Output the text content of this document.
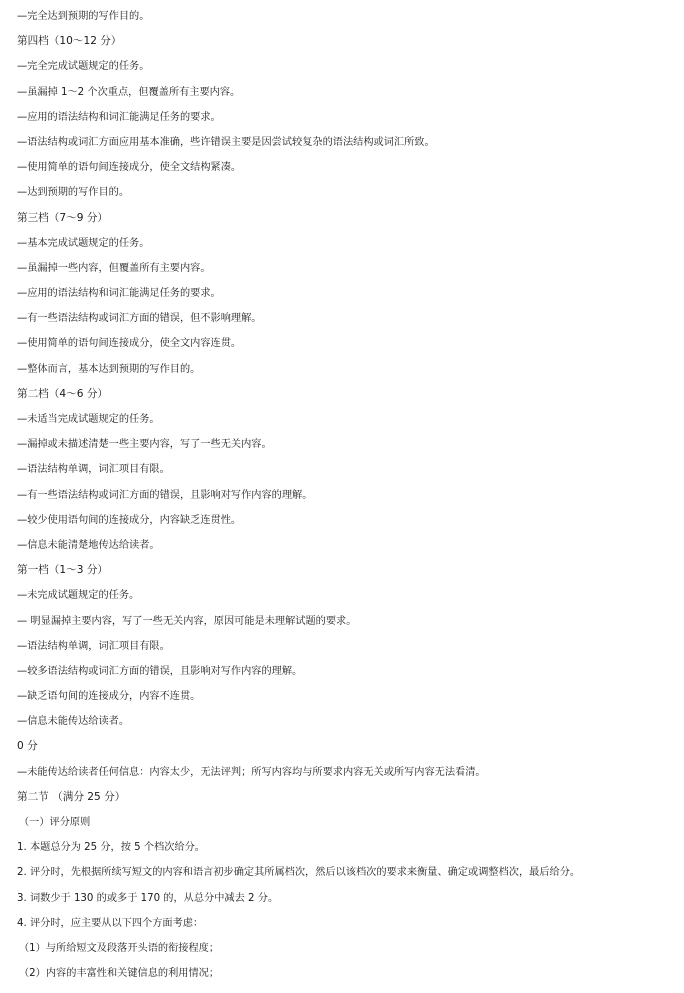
—完全达到预期的写作目的。
第四档（10～12 分）
—完全完成试题规定的任务。
—虽漏掉 1～2 个次重点，但覆盖所有主要内容。
—应用的语法结构和词汇能满足任务的要求。
—语法结构或词汇方面应用基本准确，些许错误主要是因尝试较复杂的语法结构或词汇所致。
—使用简单的语句间连接成分，使全文结构紧凑。
—达到预期的写作目的。
第三档（7～9 分）
—基本完成试题规定的任务。
—虽漏掉一些内容，但覆盖所有主要内容。
—应用的语法结构和词汇能满足任务的要求。
—有一些语法结构或词汇方面的错误，但不影响理解。
—使用简单的语句间连接成分，使全文内容连贯。
—整体而言，基本达到预期的写作目的。
第二档（4～6 分）
—未适当完成试题规定的任务。
—漏掉或未描述清楚一些主要内容，写了一些无关内容。
—语法结构单调，词汇项目有限。
—有一些语法结构或词汇方面的错误，且影响对写作内容的理解。
—较少使用语句间的连接成分，内容缺乏连贯性。
—信息未能清楚地传达给读者。
第一档（1～3 分）
—未完成试题规定的任务。
— 明显漏掉主要内容，写了一些无关内容，原因可能是未理解试题的要求。
—语法结构单调，词汇项目有限。
—较多语法结构或词汇方面的错误，且影响对写作内容的理解。
—缺乏语句间的连接成分，内容不连贯。
—信息未能传达给读者。
0 分
—未能传达给读者任何信息：内容太少，无法评判；所写内容均与所要求内容无关或所写内容无法看清。
第二节 （满分 25 分）
（一）评分原则
1. 本题总分为 25 分，按 5 个档次给分。
2. 评分时，先根据所续写短文的内容和语言初步确定其所属档次，然后以该档次的要求来衡量、确定或调整档次，最后给分。
3. 词数少于 130 的或多于 170 的，从总分中减去 2 分。
4. 评分时，应主要从以下四个方面考虑：
（1）与所给短文及段落开头语的衔接程度；
（2）内容的丰富性和关键信息的利用情况；
